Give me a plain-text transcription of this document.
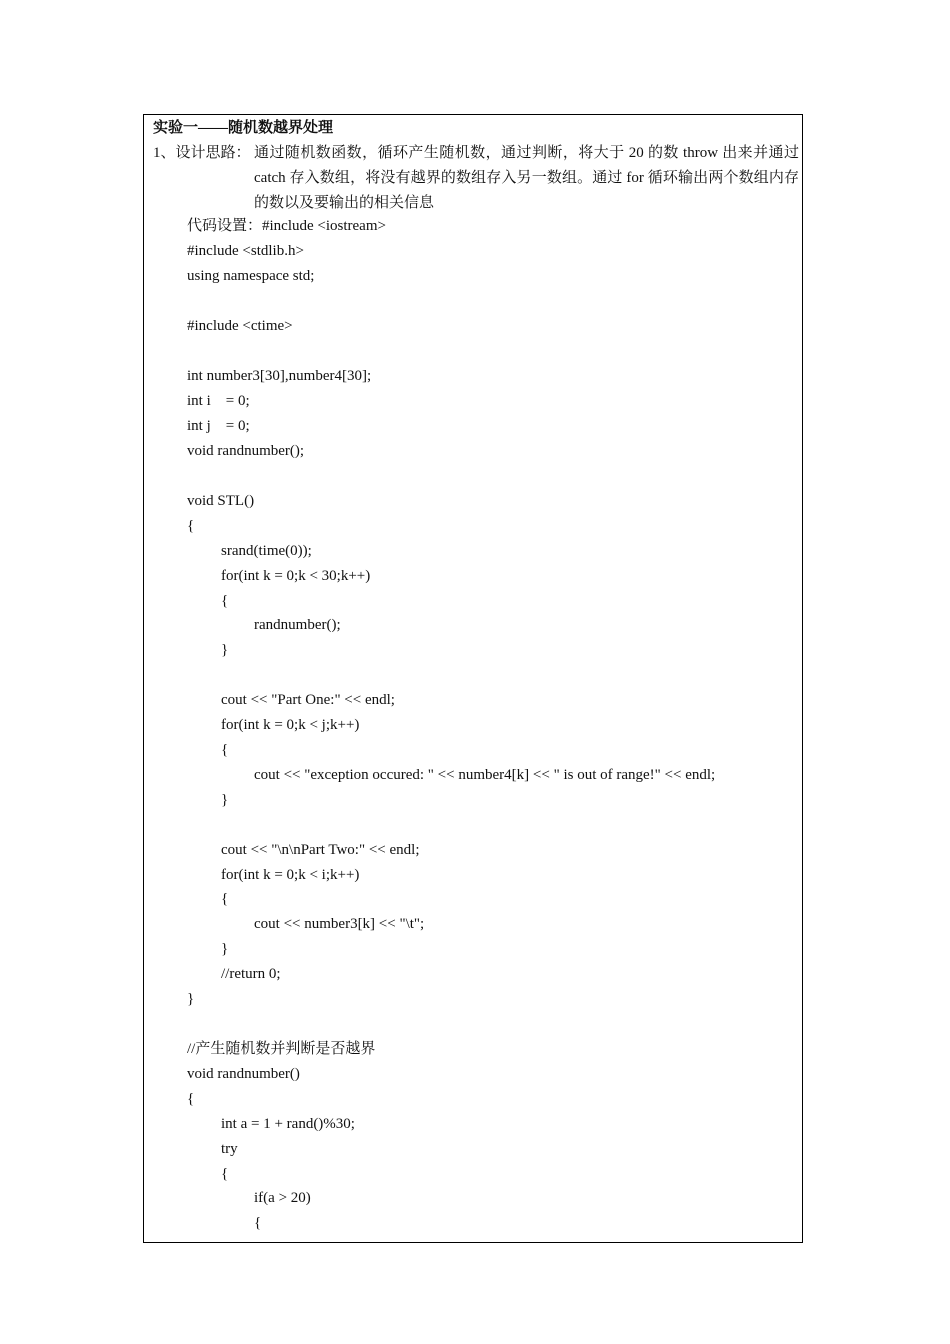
实验一——随机数越界处理
1、设计思路： 通过随机数函数，循环产生随机数，通过判断，将大于 20 的数 throw 出来并通过 catch 存入数组，将没有越界的数组存入另一数组。通过 for 循环输出两个数组内存的数以及要输出的相关信息
代码设置：#include <iostream>
#include <stdlib.h>
using namespace std;
#include <ctime>
int number3[30],number4[30];
int i    = 0;
int j    = 0;
void randnumber();
void STL()
{
srand(time(0));
for(int k = 0;k < 30;k++)
{
randnumber();
}
cout << "Part One:" << endl;
for(int k = 0;k < j;k++)
{
cout << "exception occured: " << number4[k] << " is out of range!" << endl;
}
cout << "\n\nPart Two:" << endl;
for(int k = 0;k < i;k++)
{
cout << number3[k] << "\t";
}
//return 0;
}
//产生随机数并判断是否越界
void randnumber()
{
int a = 1 + rand()%30;
try
{
if(a > 20)
{
